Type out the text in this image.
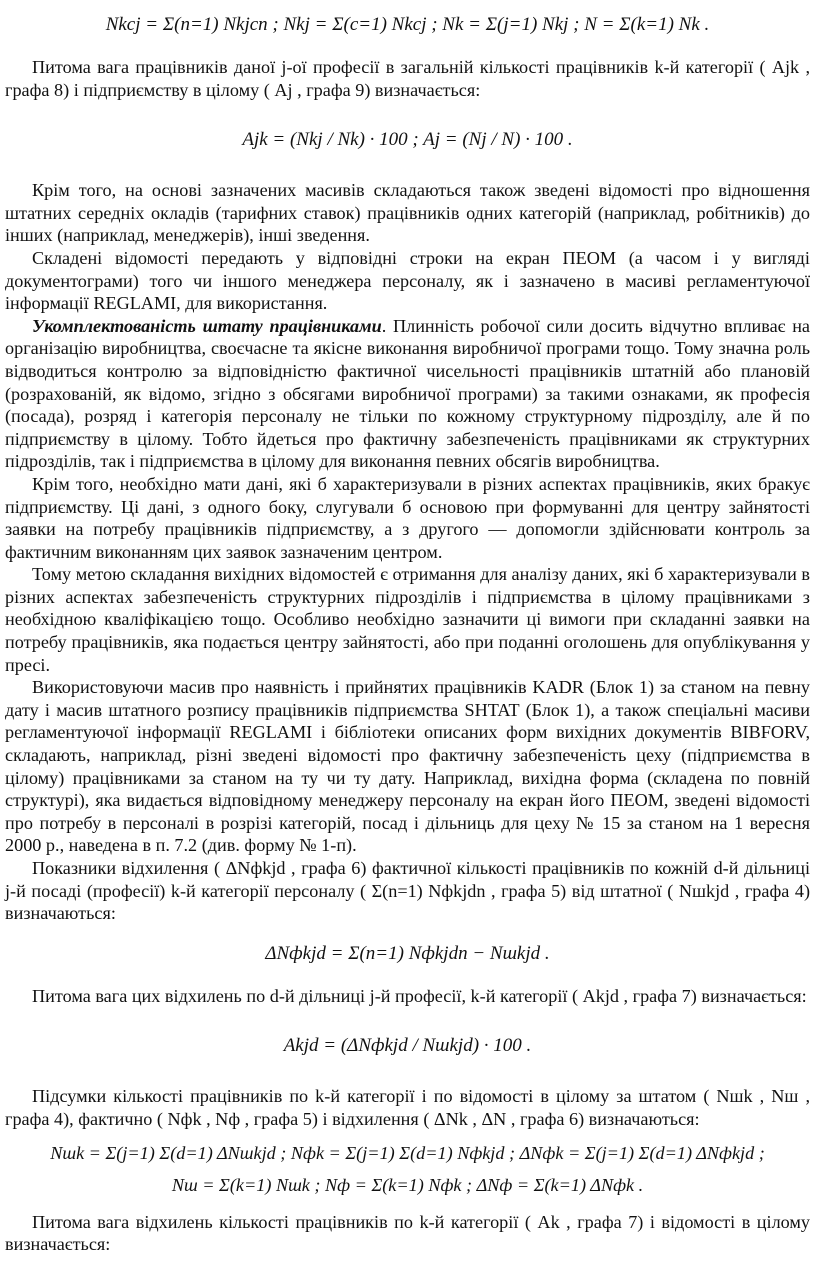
Nkcj = Σ(n=1) Nkjcn ; Nkj = Σ(c=1) Nkcj ; Nk = Σ(j=1) Nkj ; N = Σ(k=1) Nk .

Питома вага працівників даної j-ої професії в загальній кількості працівників k-й категорії ( Ajk , графа 8) і підприємству в цілому ( Aj , графа 9) визначається:

Ajk = (Nkj / Nk) · 100 ; Aj = (Nj / N) · 100 .

Крім того, на основі зазначених масивів складаються також зведені відомості про відношення штатних середніх окладів (тарифних ставок) працівників одних категорій (наприклад, робітників) до інших (наприклад, менеджерів), інші зведення.

Складені відомості передають у відповідні строки на екран ПЕОМ (а часом і у вигляді документограми) того чи іншого менеджера персоналу, як і зазначено в масиві регламентуючої інформації REGLAMI, для використання.

Укомплектованість штату працівниками. Плинність робочої сили досить відчутно впливає на організацію виробництва, своєчасне та якісне виконання виробничої програми тощо. Тому значна роль відводиться контролю за відповідністю фактичної чисельності працівників штатній або плановій (розрахованій, як відомо, згідно з обсягами виробничої програми) за такими ознаками, як професія (посада), розряд і категорія персоналу не тільки по кожному структурному підрозділу, але й по підприємству в цілому. Тобто йдеться про фактичну забезпеченість працівниками як структурних підрозділів, так і підприємства в цілому для виконання певних обсягів виробництва.

Крім того, необхідно мати дані, які б характеризували в різних аспектах працівників, яких бракує підприємству. Ці дані, з одного боку, слугували б основою при формуванні для центру зайнятості заявки на потребу працівників підприємству, а з другого — допомогли здійснювати контроль за фактичним виконанням цих заявок зазначеним центром.

Тому метою складання вихідних відомостей є отримання для аналізу даних, які б характеризували в різних аспектах забезпеченість структурних підрозділів і підприємства в цілому працівниками з необхідною кваліфікацією тощо. Особливо необхідно зазначити ці вимоги при складанні заявки на потребу працівників, яка подається центру зайнятості, або при поданні оголошень для опублікування у пресі.

Використовуючи масив про наявність і прийнятих працівників KADR (Блок 1) за станом на певну дату і масив штатного розпису працівників підприємства SHTAT (Блок 1), а також спеціальні масиви регламентуючої інформації REGLAMI і бібліотеки описаних форм вихідних документів BIBFORV, складають, наприклад, різні зведені відомості про фактичну забезпеченість цеху (підприємства в цілому) працівниками за станом на ту чи ту дату. Наприклад, вихідна форма (складена по повній структурі), яка видається відповідному менеджеру персоналу на екран його ПЕОМ, зведені відомості про потребу в персоналі в розрізі категорій, посад і дільниць для цеху № 15 за станом на 1 вересня 2000 р., наведена в п. 7.2 (див. форму № 1-п).

Показники відхилення ( ΔNфkjd , графа 6) фактичної кількості працівників по кожній d-й дільниці j-й посаді (професії) k-й категорії персоналу ( Σ(n=1) Nфkjdn , графа 5) від штатної ( Nшkjd , графа 4) визначаються:

ΔNфkjd = Σ(n=1) Nфkjdn − Nшkjd .

Питома вага цих відхилень по d-й дільниці j-й професії, k-й категорії ( Akjd , графа 7) визначається:

Akjd = (ΔNфkjd / Nшkjd) · 100 .

Підсумки кількості працівників по k-й категорії і по відомості в цілому за штатом ( Nшk , Nш , графа 4), фактично ( Nфk , Nф , графа 5) і відхилення ( ΔNk , ΔN , графа 6) визначаються:

Nшk = Σ(j=1) Σ(d=1) ΔNшkjd ; Nфk = Σ(j=1) Σ(d=1) Nфkjd ; ΔNфk = Σ(j=1) Σ(d=1) ΔNфkjd ;
Nш = Σ(k=1) Nшk ; Nф = Σ(k=1) Nфk ; ΔNф = Σ(k=1) ΔNфk .

Питома вага відхилень кількості працівників по k-й категорії ( Ak , графа 7) і відомості в цілому визначається:
